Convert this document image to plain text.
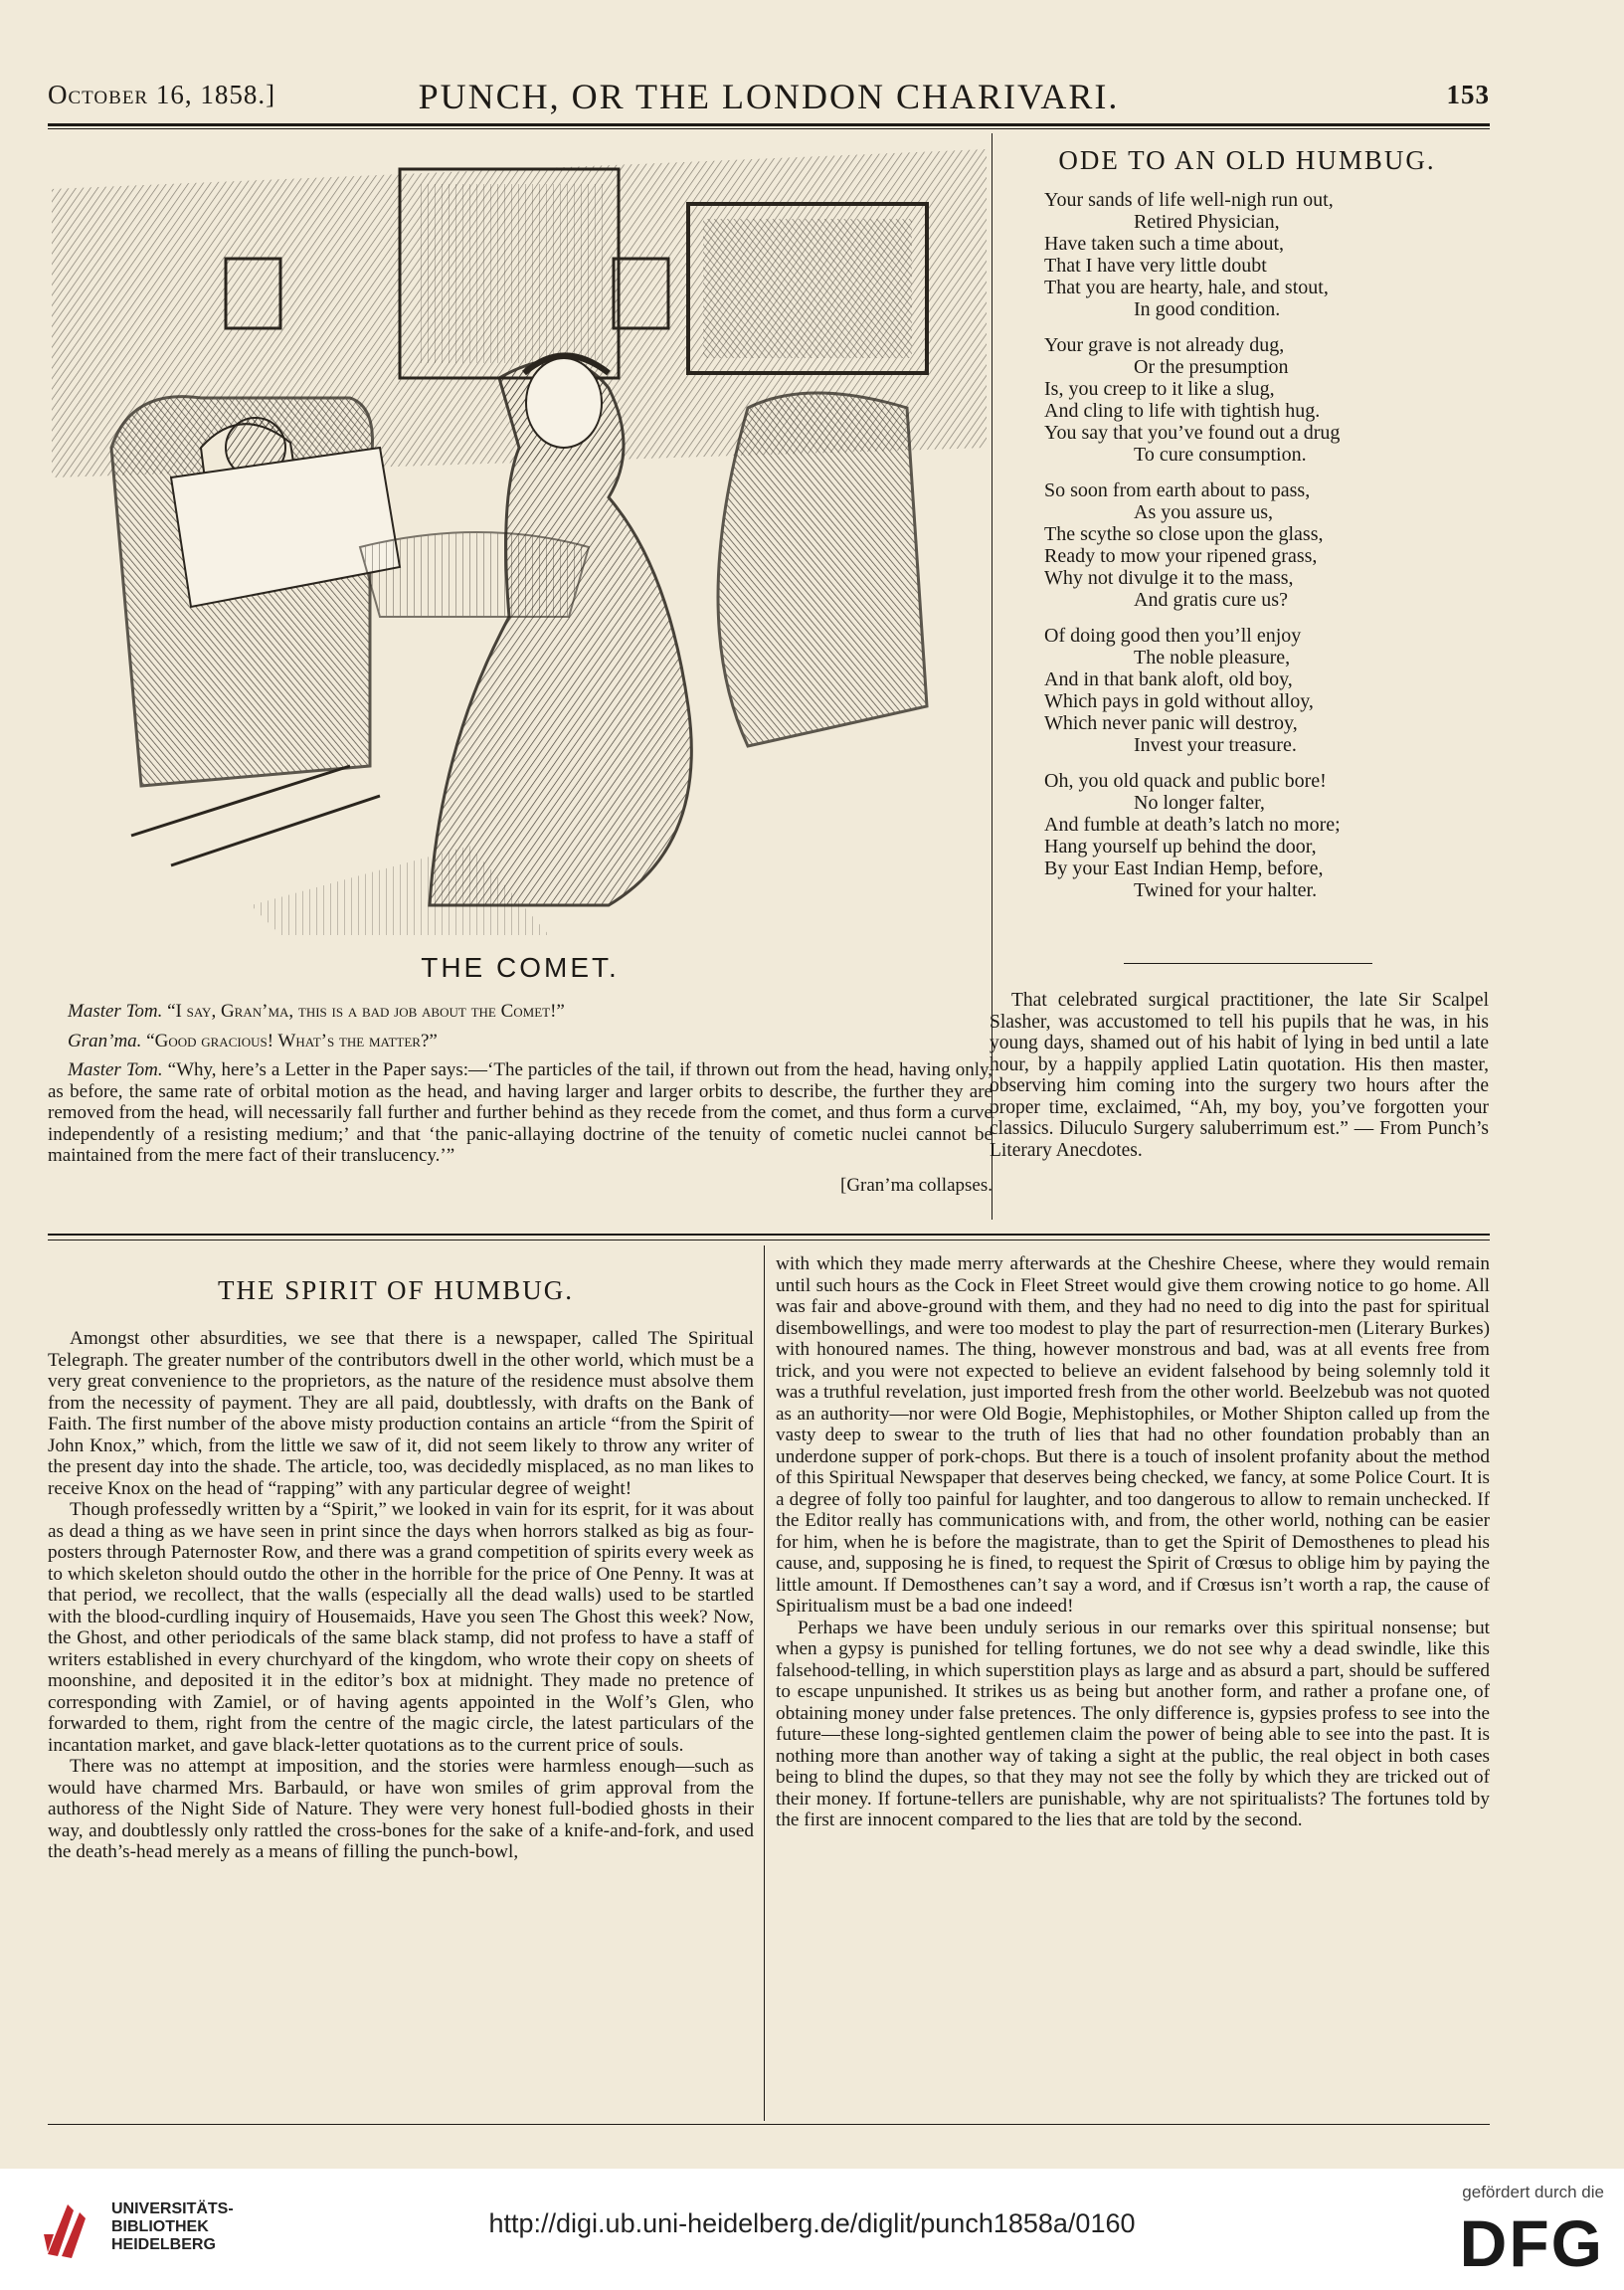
October 16, 1858.]	PUNCH, OR THE LONDON CHARIVARI.	153
THE COMET.

Master Tom. “I say, Gran’ma, this is a bad job about the Comet!”

Gran’ma. “Good gracious! What’s the matter?”

Master Tom. “Why, here’s a Letter in the Paper says:—‘The particles of the tail, if thrown out from the head, having only, as before, the same rate of orbital motion as the head, and having larger and larger orbits to describe, the further they are removed from the head, will necessarily fall further and further behind as they recede from the comet, and thus form a curve independently of a resisting medium;’ and that ‘the panic-allaying doctrine of the tenuity of cometic nuclei cannot be maintained from the mere fact of their translucency.’”

[Gran’ma collapses.

ODE TO AN OLD HUMBUG.
Your sands of life well-nigh run out,
Retired Physician,
Have taken such a time about,
That I have very little doubt
That you are hearty, hale, and stout,
In good condition.
Your grave is not already dug,
Or the presumption
Is, you creep to it like a slug,
And cling to life with tightish hug.
You say that you’ve found out a drug
To cure consumption.
So soon from earth about to pass,
As you assure us,
The scythe so close upon the glass,
Ready to mow your ripened grass,
Why not divulge it to the mass,
And gratis cure us?
Of doing good then you’ll enjoy
The noble pleasure,
And in that bank aloft, old boy,
Which pays in gold without alloy,
Which never panic will destroy,
Invest your treasure.
Oh, you old quack and public bore!
No longer falter,
And fumble at death’s latch no more;
Hang yourself up behind the door,
By your East Indian Hemp, before,
Twined for your halter.

That celebrated surgical practitioner, the late Sir Scalpel Slasher, was accustomed to tell his pupils that he was, in his young days, shamed out of his habit of lying in bed until a late hour, by a happily applied Latin quotation. His then master, observing him coming into the surgery two hours after the proper time, exclaimed, “Ah, my boy, you’ve forgotten your classics. Diluculo Surgery saluberrimum est.” — From Punch’s Literary Anecdotes.

THE SPIRIT OF HUMBUG.

Amongst other absurdities, we see that there is a newspaper, called The Spiritual Telegraph. The greater number of the contributors dwell in the other world, which must be a very great convenience to the proprietors, as the nature of the residence must absolve them from the necessity of payment. They are all paid, doubtlessly, with drafts on the Bank of Faith. The first number of the above misty production contains an article “from the Spirit of John Knox,” which, from the little we saw of it, did not seem likely to throw any writer of the present day into the shade. The article, too, was decidedly misplaced, as no man likes to receive Knox on the head of “rapping” with any particular degree of weight!

Though professedly written by a “Spirit,” we looked in vain for its esprit, for it was about as dead a thing as we have seen in print since the days when horrors stalked as big as four-posters through Paternoster Row, and there was a grand competition of spirits every week as to which skeleton should outdo the other in the horrible for the price of One Penny. It was at that period, we recollect, that the walls (especially all the dead walls) used to be startled with the blood-curdling inquiry of Housemaids, Have you seen The Ghost this week? Now, the Ghost, and other periodicals of the same black stamp, did not profess to have a staff of writers established in every churchyard of the kingdom, who wrote their copy on sheets of moonshine, and deposited it in the editor’s box at midnight. They made no pretence of corresponding with Zamiel, or of having agents appointed in the Wolf’s Glen, who forwarded to them, right from the centre of the magic circle, the latest particulars of the incantation market, and gave black-letter quotations as to the current price of souls.

There was no attempt at imposition, and the stories were harmless enough—such as would have charmed Mrs. Barbauld, or have won smiles of grim approval from the authoress of the Night Side of Nature. They were very honest full-bodied ghosts in their way, and doubtlessly only rattled the cross-bones for the sake of a knife-and-fork, and used the death’s-head merely as a means of filling the punch-bowl,

with which they made merry afterwards at the Cheshire Cheese, where they would remain until such hours as the Cock in Fleet Street would give them crowing notice to go home. All was fair and above-ground with them, and they had no need to dig into the past for spiritual disembowellings, and were too modest to play the part of resurrection-men (Literary Burkes) with honoured names. The thing, however monstrous and bad, was at all events free from trick, and you were not expected to believe an evident falsehood by being solemnly told it was a truthful revelation, just imported fresh from the other world. Beelzebub was not quoted as an authority—nor were Old Bogie, Mephistophiles, or Mother Shipton called up from the vasty deep to swear to the truth of lies that had no other foundation probably than an underdone supper of pork-chops. But there is a touch of insolent profanity about the method of this Spiritual Newspaper that deserves being checked, we fancy, at some Police Court. It is a degree of folly too painful for laughter, and too dangerous to allow to remain unchecked. If the Editor really has communications with, and from, the other world, nothing can be easier for him, when he is before the magistrate, than to get the Spirit of Demosthenes to plead his cause, and, supposing he is fined, to request the Spirit of Crœsus to oblige him by paying the little amount. If Demosthenes can’t say a word, and if Crœsus isn’t worth a rap, the cause of Spiritualism must be a bad one indeed!

Perhaps we have been unduly serious in our remarks over this spiritual nonsense; but when a gypsy is punished for telling fortunes, we do not see why a dead swindle, like this falsehood-telling, in which superstition plays as large and as absurd a part, should be suffered to escape unpunished. It strikes us as being but another form, and rather a profane one, of obtaining money under false pretences. The only difference is, gypsies profess to see into the future—these long-sighted gentlemen claim the power of being able to see into the past. It is nothing more than another way of taking a sight at the public, the real object in both cases being to blind the dupes, so that they may not see the folly by which they are tricked out of their money. If fortune-tellers are punishable, why are not spiritualists? The fortunes told by the first are innocent compared to the lies that are told by the second.

UNIVERSITÄTS-
BIBLIOTHEK
HEIDELBERG
http://digi.ub.uni-heidelberg.de/diglit/punch1858a/0160
gefördert durch die
DFG
